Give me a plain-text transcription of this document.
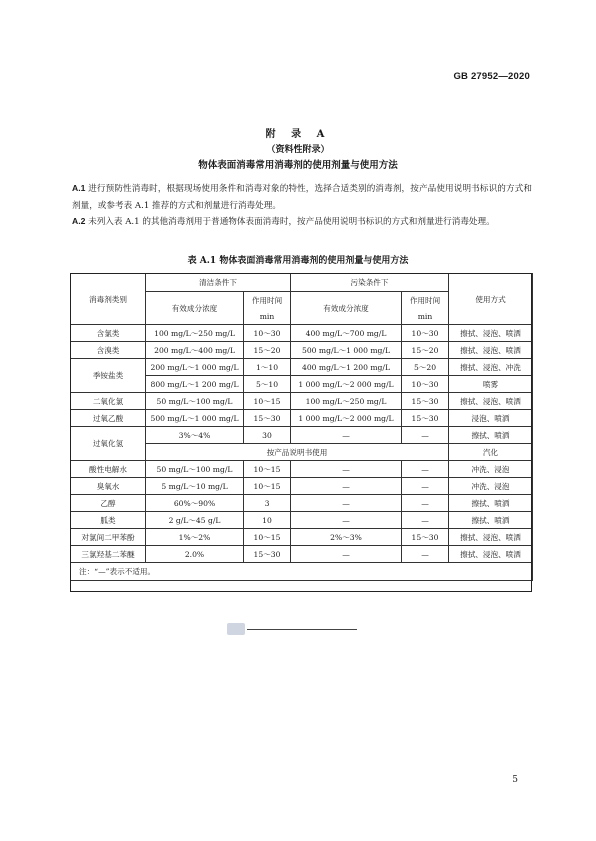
GB 27952—2020
附 录 A
（资料性附录）
物体表面消毒常用消毒剂的使用剂量与使用方法
A.1 进行预防性消毒时，根据现场使用条件和消毒对象的特性，选择合适类别的消毒剂，按产品使用说明书标识的方式和剂量，或参考表 A.1 推荐的方式和剂量进行消毒处理。
A.2 未列入表 A.1 的其他消毒剂用于普通物体表面消毒时，按产品使用说明书标识的方式和剂量进行消毒处理。
表 A.1 物体表面消毒常用消毒剂的使用剂量与使用方法
消毒剂类别	清洁条件下		污染条件下		使用方式
	有效成分浓度	作用时间	有效成分浓度	作用时间	
		min		min	
含氯类	100 mg/L～250 mg/L	10～30	400 mg/L～700 mg/L	10～30	擦拭、浸泡、喷洒
含溴类	200 mg/L～400 mg/L	15～20	500 mg/L～1 000 mg/L	15～20	擦拭、浸泡、喷洒
季铵盐类	200 mg/L～1 000 mg/L	1～10	400 mg/L～1 200 mg/L	5～20	擦拭、浸泡、冲洗
	800 mg/L～1 200 mg/L	5～10	1 000 mg/L～2 000 mg/L	10～30	喷雾
二氧化氯	50 mg/L～100 mg/L	10～15	100 mg/L～250 mg/L	15～30	擦拭、浸泡、喷洒
过氧乙酸	500 mg/L～1 000 mg/L	15～30	1 000 mg/L～2 000 mg/L	15～30	浸泡、喷洒
过氧化氢	3%～4%	30	—	—	擦拭、喷洒
	按产品说明书使用				汽化
酸性电解水	50 mg/L～100 mg/L	10～15	—	—	冲洗、浸泡
臭氧水	5 mg/L～10 mg/L	10～15	—	—	冲洗、浸泡
乙醇	60%～90%	3	—	—	擦拭、喷洒
胍类	2 g/L～45 g/L	10	—	—	擦拭、喷洒
对氯间二甲苯酚	1%～2%	10～15	2%～3%	15～30	擦拭、浸泡、喷洒
三氯羟基二苯醚	2.0%	15～30	—	—	擦拭、浸泡、喷洒
注：“—”表示不适用。					
5
